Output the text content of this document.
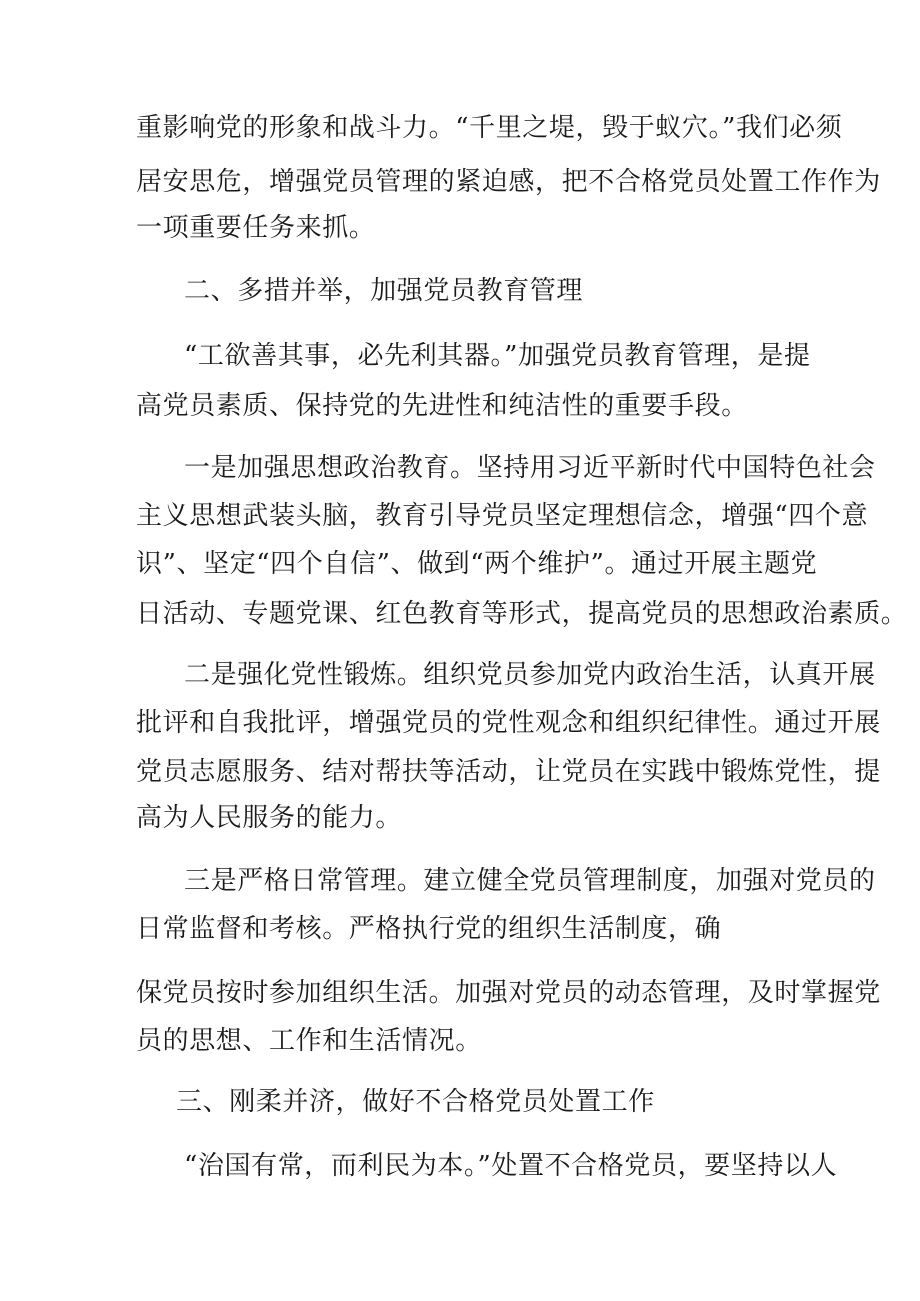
重影响党的形象和战斗力。“千里之堤，毁于蚁穴。”我们必须
居安思危，增强党员管理的紧迫感，把不合格党员处置工作作为
一项重要任务来抓。
二、多措并举，加强党员教育管理
“工欲善其事，必先利其器。”加强党员教育管理，是提
高党员素质、保持党的先进性和纯洁性的重要手段。
一是加强思想政治教育。坚持用习近平新时代中国特色社会
主义思想武装头脑，教育引导党员坚定理想信念，增强“四个意
识”、坚定“四个自信”、做到“两个维护”。通过开展主题党
日活动、专题党课、红色教育等形式，提高党员的思想政治素质。
二是强化党性锻炼。组织党员参加党内政治生活，认真开展
批评和自我批评，增强党员的党性观念和组织纪律性。通过开展
党员志愿服务、结对帮扶等活动，让党员在实践中锻炼党性，提
高为人民服务的能力。
三是严格日常管理。建立健全党员管理制度，加强对党员的
日常监督和考核。严格执行党的组织生活制度，确
保党员按时参加组织生活。加强对党员的动态管理，及时掌握党
员的思想、工作和生活情况。
三、刚柔并济，做好不合格党员处置工作
“治国有常，而利民为本。”处置不合格党员，要坚持以人
